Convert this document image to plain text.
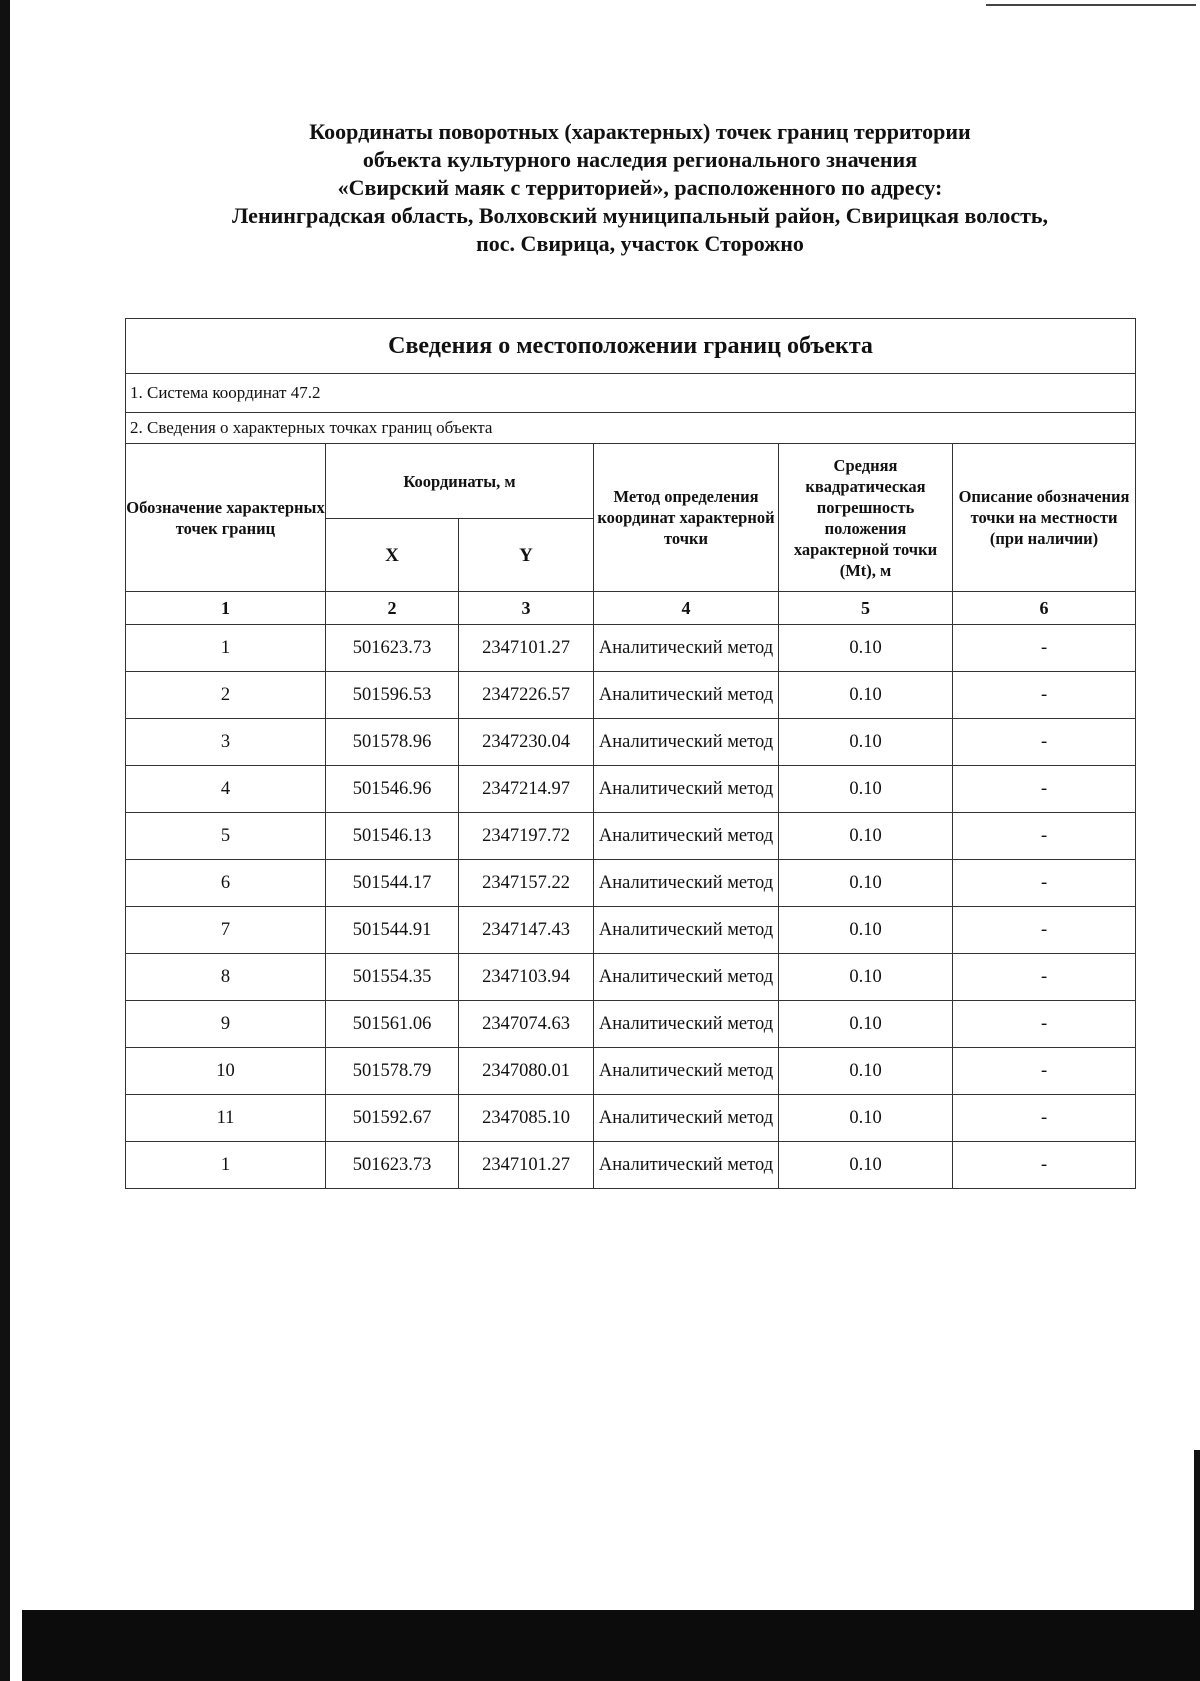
Координаты поворотных (характерных) точек границ территории
объекта культурного наследия регионального значения
«Свирский маяк с территорией», расположенного по адресу:
Ленинградская область, Волховский муниципальный район, Свирицкая волость,
пос. Свирица, участок Сторожно
Сведения о местоположении границ объекта					
1. Система координат 47.2					
2. Сведения о характерных точках границ объекта					
Обозначение характерных точек границ	Координаты, м		Метод определения координат характерной точки	Средняя квадратическая погрешность положения характерной точки (Mt), м	Описание обозначения точки на местности (при наличии)
	X	Y			
1	2	3	4	5	6
1	501623.73	2347101.27	Аналитический метод	0.10	-
2	501596.53	2347226.57	Аналитический метод	0.10	-
3	501578.96	2347230.04	Аналитический метод	0.10	-
4	501546.96	2347214.97	Аналитический метод	0.10	-
5	501546.13	2347197.72	Аналитический метод	0.10	-
6	501544.17	2347157.22	Аналитический метод	0.10	-
7	501544.91	2347147.43	Аналитический метод	0.10	-
8	501554.35	2347103.94	Аналитический метод	0.10	-
9	501561.06	2347074.63	Аналитический метод	0.10	-
10	501578.79	2347080.01	Аналитический метод	0.10	-
11	501592.67	2347085.10	Аналитический метод	0.10	-
1	501623.73	2347101.27	Аналитический метод	0.10	-
